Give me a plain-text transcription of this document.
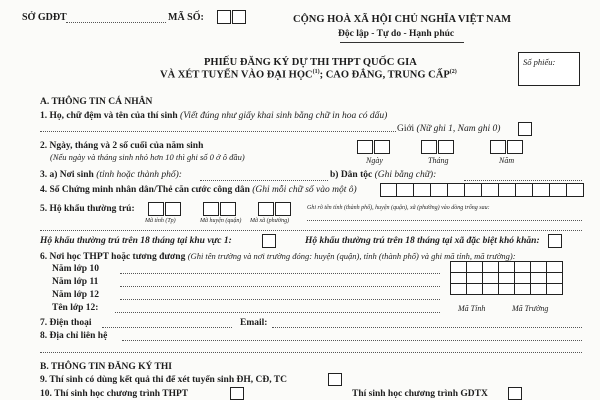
SỞ GDĐT	MÃ SỐ:	CỘNG HOÀ XÃ HỘI CHỦ NGHĨA VIỆT NAM
Độc lập - Tự do - Hạnh phúc
PHIẾU ĐĂNG KÝ DỰ THI THPT QUỐC GIA
VÀ XÉT TUYỂN VÀO ĐẠI HỌC$^{(1)}$; CAO ĐẲNG, TRUNG CẤP$^{(2)}$
Số phiếu:
A. THÔNG TIN CÁ NHÂN
1. Họ, chữ đệm và tên của thí sinh (Viết đúng như giấy khai sinh bằng chữ in hoa có dấu)
Giới (Nữ ghi 1, Nam ghi 0)
2. Ngày, tháng và 2 số cuối của năm sinh
(Nếu ngày và tháng sinh nhỏ hơn 10 thì ghi số 0 ở ô đầu)	Ngày	Tháng	Năm
3. a) Nơi sinh (tỉnh hoặc thành phố):	b) Dân tộc (Ghi bằng chữ):
4. Số Chứng minh nhân dân/Thẻ căn cước công dân (Ghi mỗi chữ số vào một ô)
5. Hộ khẩu thường trú:	Ghi rõ tên tỉnh (thành phố), huyện (quận), xã (phường) vào dòng trống sau:
Mã tỉnh (Tp)	Mã huyện (quận) Mã xã (phường)
Hộ khẩu thường trú trên 18 tháng tại khu vực 1:	Hộ khẩu thường trú trên 18 tháng tại xã đặc biệt khó khăn:
6. Nơi học THPT hoặc tương đương (Ghi tên trường và nơi trường đóng: huyện (quận), tỉnh (thành phố) và ghi mã tỉnh, mã trường):
Năm lớp 10
Năm lớp 11
Năm lớp 12
Tên lớp 12:

							Mã Tỉnh	Mã Trường
7. Điện thoại	Email:
8. Địa chỉ liên hệ
B. THÔNG TIN ĐĂNG KÝ THI
9. Thí sinh có dùng kết quả thi để xét tuyển sinh ĐH, CĐ, TC
10. Thí sinh học chương trình THPT	Thí sinh học chương trình GDTX
